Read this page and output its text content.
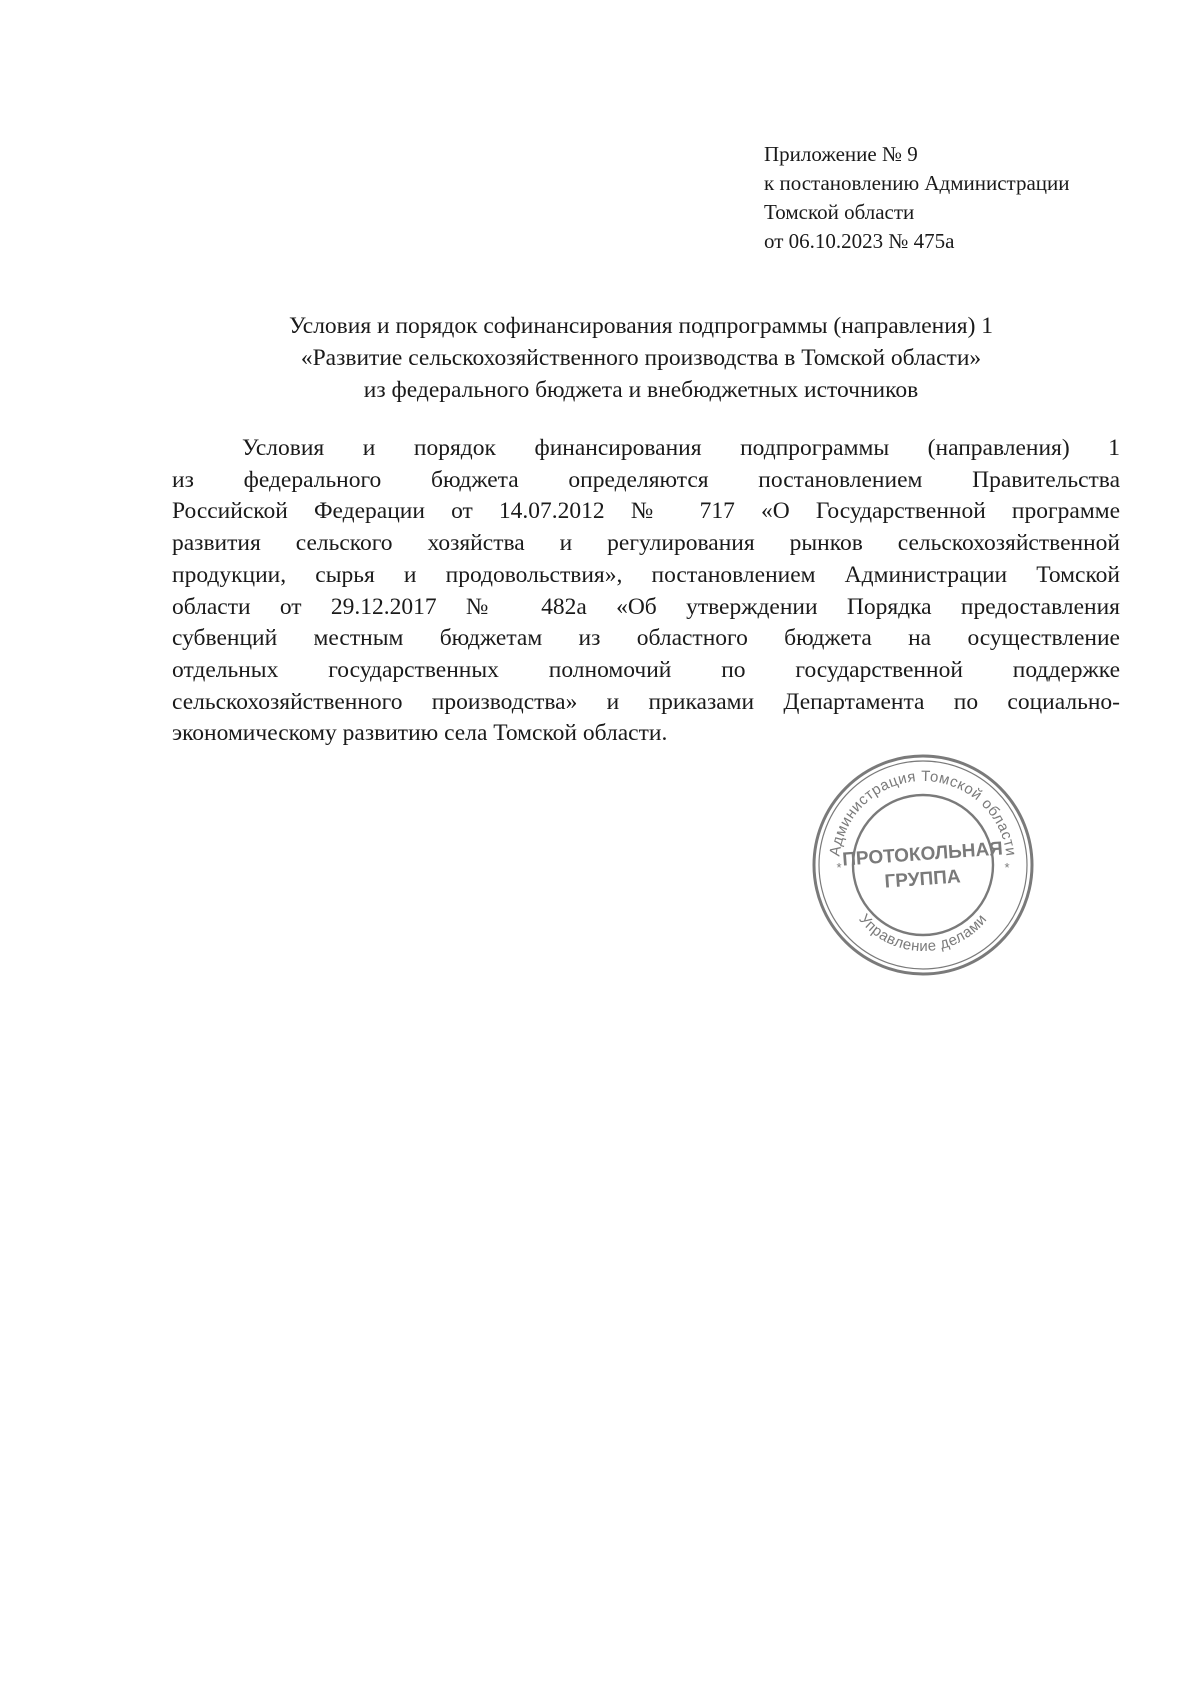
Приложение № 9
к постановлению Администрации
Томской области
от 06.10.2023 № 475а
Условия и порядок софинансирования подпрограммы (направления) 1
«Развитие сельскохозяйственного производства в Томской области»
из федерального бюджета и внебюджетных источников
Условия и порядок финансирования подпрограммы (направления) 1
из федерального бюджета определяются постановлением Правительства
Российской Федерации от 14.07.2012 № 717 «О Государственной программе
развития сельского хозяйства и регулирования рынков сельскохозяйственной
продукции, сырья и продовольствия», постановлением Администрации Томской
области от 29.12.2017 № 482а «Об утверждении Порядка предоставления
субвенций местным бюджетам из областного бюджета на осуществление
отдельных государственных полномочий по государственной поддержке
сельскохозяйственного производства» и приказами Департамента по социально-
экономическому развитию села Томской области.
Администрация Томской области
Управление делами
*	*
ПРОТОКОЛЬНАЯ
ГРУППА
